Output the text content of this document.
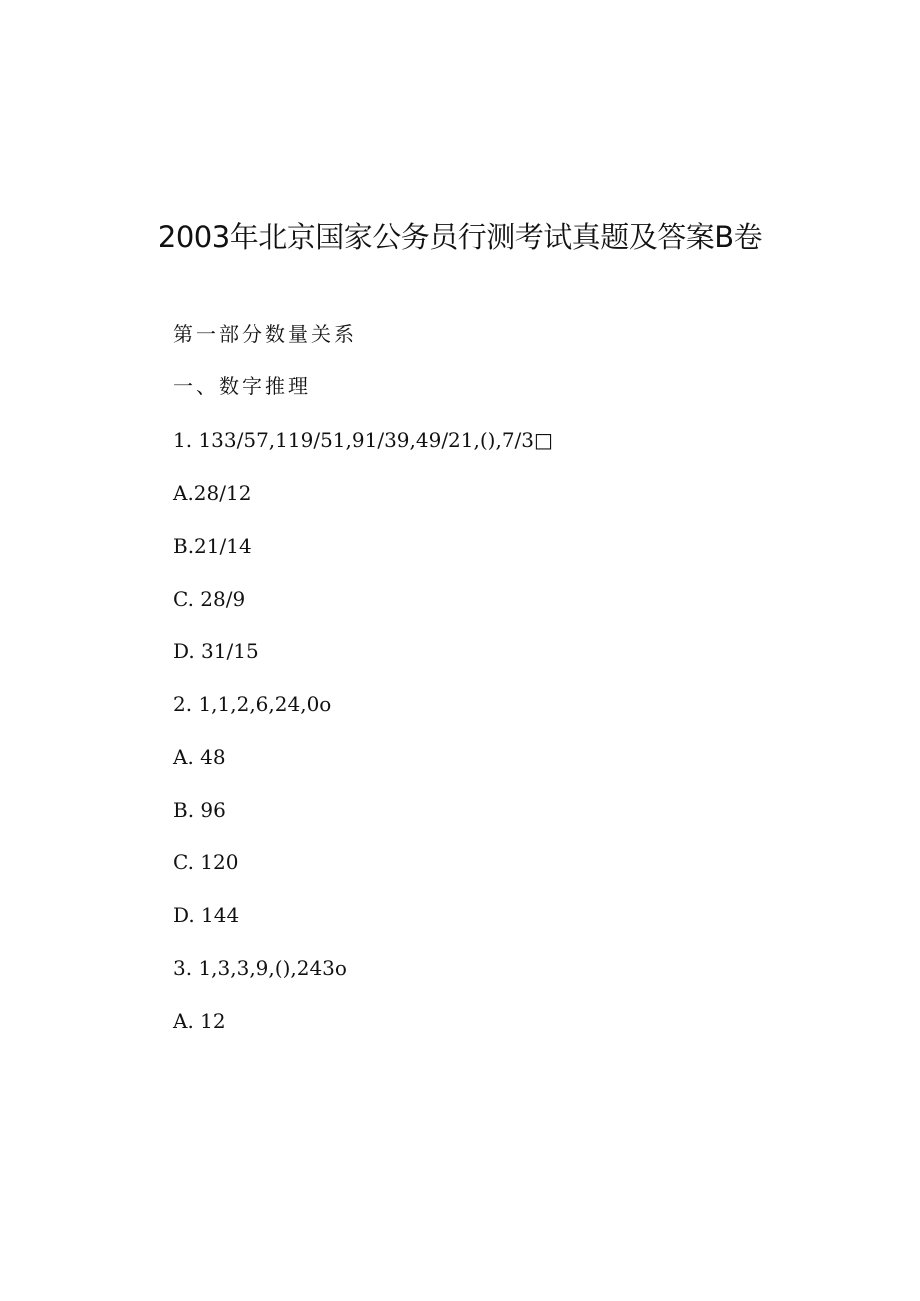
2003年北京国家公务员行测考试真题及答案B卷

第一部分数量关系

一、数字推理

1. 133/57,119/51,91/39,49/21,(),7/3□

A.28/12

B.21/14

C. 28/9

D. 31/15

2. 1,1,2,6,24,0o

A. 48

B. 96

C. 120

D. 144

3. 1,3,3,9,(),243o

A. 12
